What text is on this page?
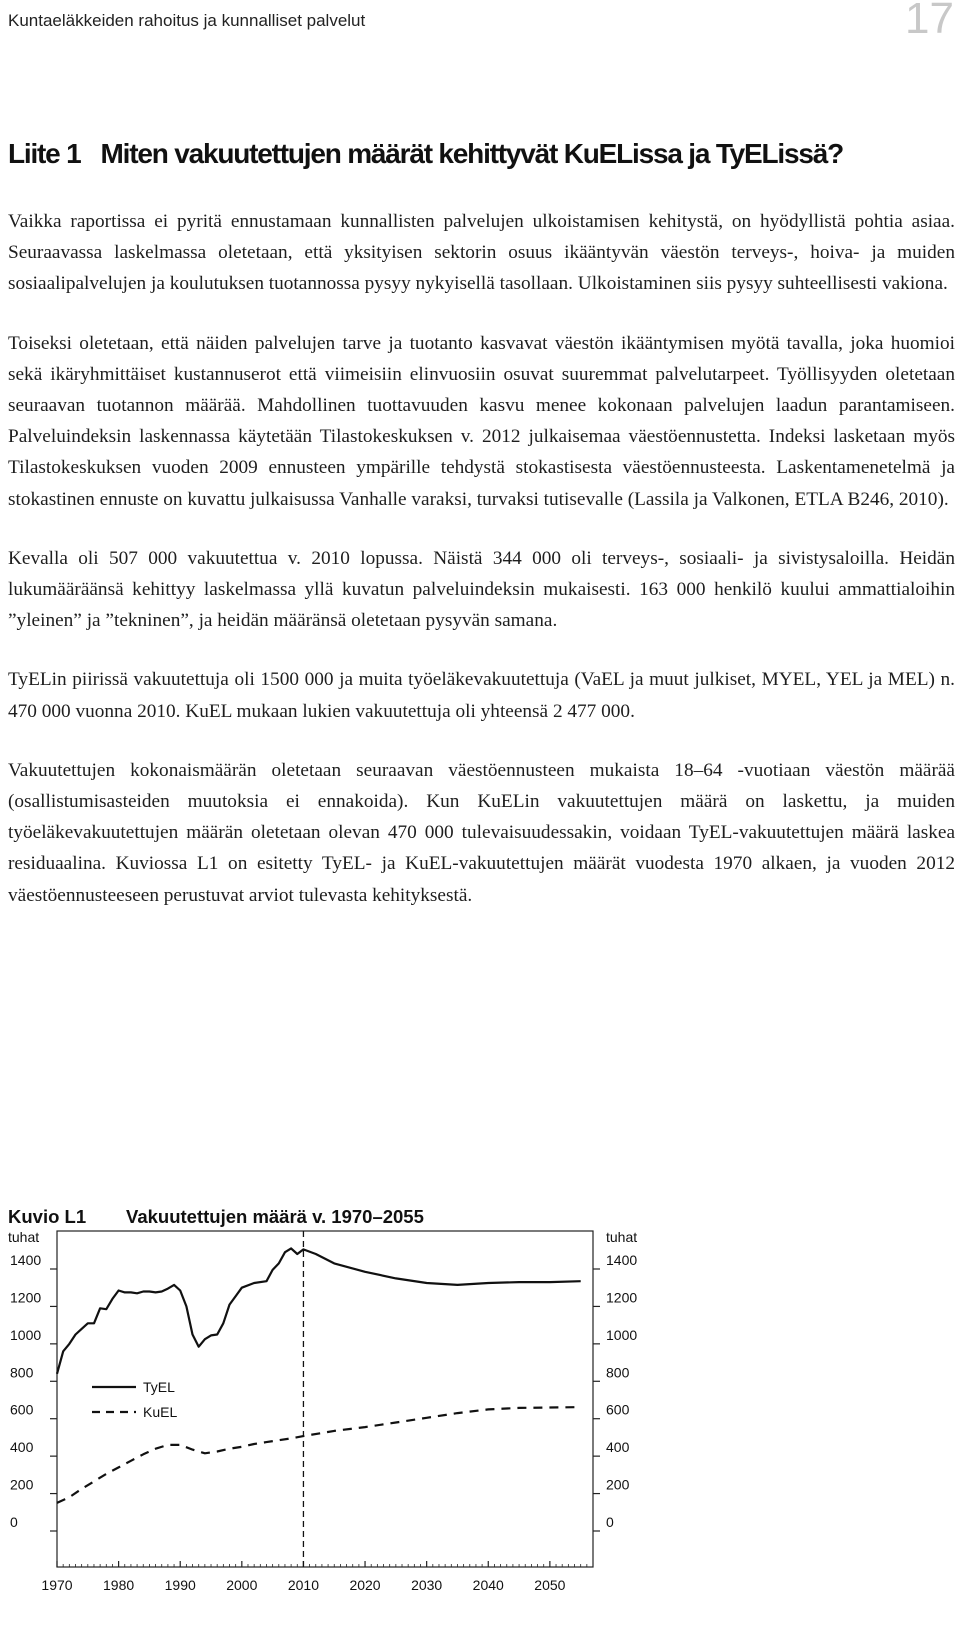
Kuntaeläkkeiden rahoitus ja kunnalliset palvelut	17
Liite 1 Miten vakuutettujen määrät kehittyvät KuELissa ja TyELissä?

Vaikka raportissa ei pyritä ennustamaan kunnallisten palvelujen ulkoistamisen kehitystä, on hyödyllistä pohtia asiaa. Seuraavassa laskelmassa oletetaan, että yksityisen sektorin osuus ikääntyvän väestön terveys-, hoiva- ja muiden sosiaalipalvelujen ja koulutuksen tuotannossa pysyy nykyisellä tasollaan. Ulkoistaminen siis pysyy suhteellisesti vakiona.

Toiseksi oletetaan, että näiden palvelujen tarve ja tuotanto kasvavat väestön ikääntymisen myötä tavalla, joka huomioi sekä ikäryhmittäiset kustannuserot että viimeisiin elinvuosiin osuvat suuremmat palvelutarpeet. Työllisyyden oletetaan seuraavan tuotannon määrää. Mahdollinen tuottavuuden kasvu menee kokonaan palvelujen laadun parantamiseen. Palveluindeksin laskennassa käytetään Tilastokeskuksen v. 2012 julkaisemaa väestöennustetta. Indeksi lasketaan myös Tilastokeskuksen vuoden 2009 ennusteen ympärille tehdystä stokastisesta väestöennusteesta. Laskentamenetelmä ja stokastinen ennuste on kuvattu julkaisussa Vanhalle varaksi, turvaksi tutisevalle (Lassila ja Valkonen, ETLA B246, 2010).

Kevalla oli 507 000 vakuutettua v. 2010 lopussa. Näistä 344 000 oli terveys-, sosiaali- ja sivistysaloilla. Heidän lukumääräänsä kehittyy laskelmassa yllä kuvatun palveluindeksin mukaisesti. 163 000 henkilö kuului ammattialoihin ”yleinen” ja ”tekninen”, ja heidän määränsä oletetaan pysyvän samana.

TyELin piirissä vakuutettuja oli 1500 000 ja muita työeläkevakuutettuja (VaEL ja muut julkiset, MYEL, YEL ja MEL) n. 470 000 vuonna 2010. KuEL mukaan lukien vakuutettuja oli yhteensä 2 477 000.

Vakuutettujen kokonaismäärän oletetaan seuraavan väestöennusteen mukaista 18–64 -vuotiaan väestön määrää (osallistumisasteiden muutoksia ei ennakoida). Kun KuELin vakuutettujen määrä on laskettu, ja muiden työeläkevakuutettujen määrän oletetaan olevan 470 000 tulevaisuudessakin, voidaan TyEL-vakuutettujen määrä laskea residuaalina. Kuviossa L1 on esitetty TyEL- ja KuEL-vakuutettujen määrät vuodesta 1970 alkaen, ja vuoden 2012 väestöennusteeseen perustuvat arviot tulevasta kehityksestä.

Kuvio L1 Vakuutettujen määrä v. 1970–2055
0
200
400
600
800
1000
1200
1400
0
200
400
600
800
1000
1200
1400
1970 1980 1990 2000 2010 2020 2030 2040 2050
TyEL
KuEL
tuhat	tuhat
